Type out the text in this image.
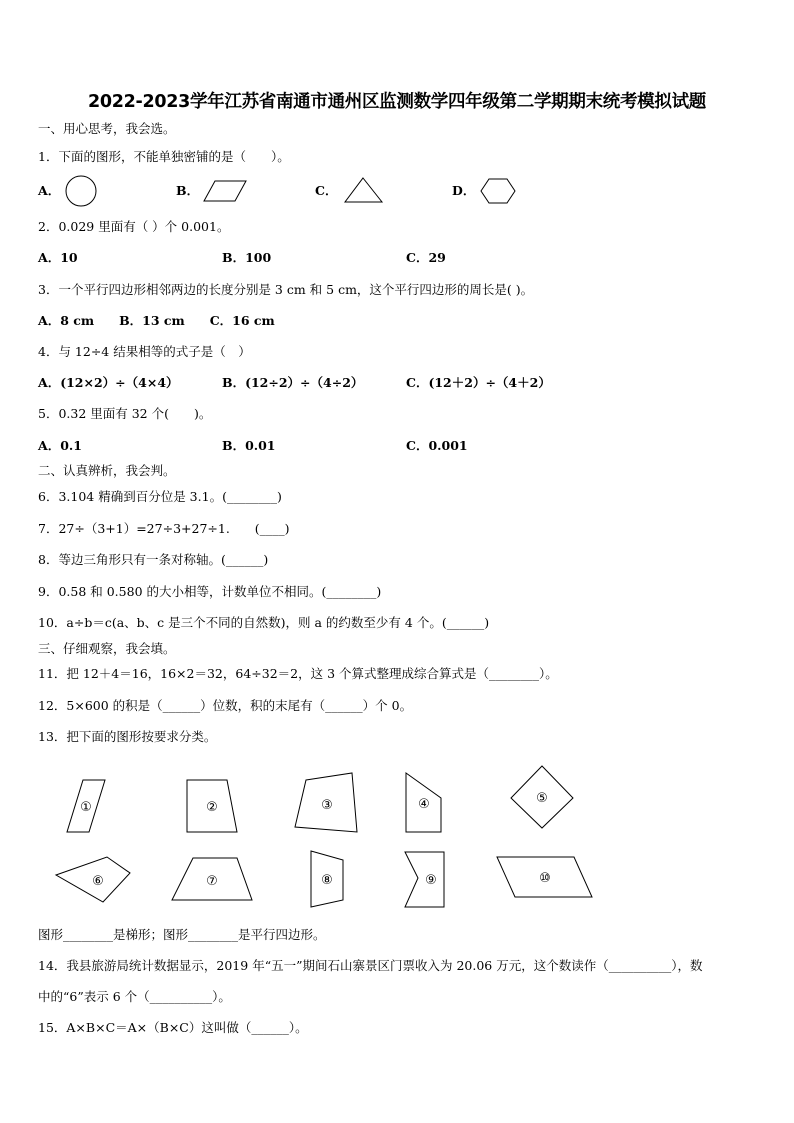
2022-2023学年江苏省南通市通州区监测数学四年级第二学期期末统考模拟试题
一、用心思考，我会选。
1．下面的图形，不能单独密铺的是（　　）。
A．	B．	C．	D．
2．0.029 里面有（ ）个 0.001。
A．10	B．100	C．29
3．一个平行四边形相邻两边的长度分别是 3 cm 和 5 cm，这个平行四边形的周长是( )。
A．8 cm　　B．13 cm　　C．16 cm
4．与 12÷4 结果相等的式子是（　）
A．(12×2）÷（4×4）	B．(12÷2）÷（4÷2）	C．(12＋2）÷（4＋2）
5．0.32 里面有 32 个(　　)。
A．0.1	B．0.01	C．0.001
二、认真辨析，我会判。
6．3.104 精确到百分位是 3.1。(________)
7．27÷（3+1）=27÷3+27÷1.　　(____)
8．等边三角形只有一条对称轴。(______)
9．0.58 和 0.580 的大小相等，计数单位不相同。(________)
10．a÷b＝c(a、b、c 是三个不同的自然数)，则 a 的约数至少有 4 个。(______)
三、仔细观察，我会填。
11．把 12＋4＝16，16×2＝32，64÷32＝2，这 3 个算式整理成综合算式是（________）。
12．5×600 的积是（______）位数，积的末尾有（______）个 0。
13．把下面的图形按要求分类。
①	②	③	④	⑤
⑥	⑦	⑧	⑨	⑩
图形________是梯形；图形________是平行四边形。
14．我县旅游局统计数据显示，2019 年“五一”期间石山寨景区门票收入为 20.06 万元，这个数读作（__________），数
中的“6”表示 6 个（__________）。
15．A×B×C＝A×（B×C）这叫做（______）。
